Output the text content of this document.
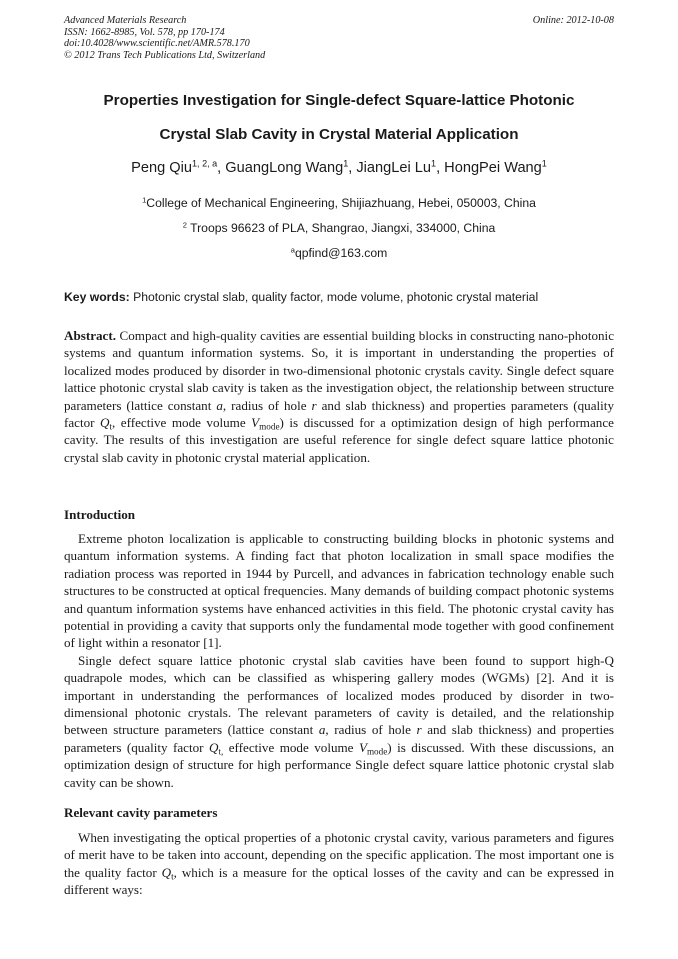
Advanced Materials Research
ISSN: 1662-8985, Vol. 578, pp 170-174
doi:10.4028/www.scientific.net/AMR.578.170
© 2012 Trans Tech Publications Ltd, Switzerland
Online: 2012-10-08
Properties Investigation for Single-defect Square-lattice Photonic
Crystal Slab Cavity in Crystal Material Application
Peng Qiu$^{1, 2, a}$, GuangLong Wang$^1$, JiangLei Lu$^1$, HongPei Wang$^1$
$^1$College of Mechanical Engineering, Shijiazhuang, Hebei, 050003, China
$^2$ Troops 96623 of PLA, Shangrao, Jiangxi, 334000, China
$^a$qpfind@163.com
Key words: Photonic crystal slab, quality factor, mode volume, photonic crystal material

Abstract. Compact and high-quality cavities are essential building blocks in constructing nano-photonic systems and quantum information systems. So, it is important in understanding the properties of localized modes produced by disorder in two-dimensional photonic crystals cavity. Single defect square lattice photonic crystal slab cavity is taken as the investigation object, the relationship between structure parameters (lattice constant a, radius of hole r and slab thickness) and properties parameters (quality factor $Q_t$, effective mode volume $V_{mode}$) is discussed for a optimization design of high performance cavity. The results of this investigation are useful reference for single defect square lattice photonic crystal slab cavity in photonic crystal material application.

Introduction

Extreme photon localization is applicable to constructing building blocks in photonic systems and quantum information systems. A finding fact that photon localization in small space modifies the radiation process was reported in 1944 by Purcell, and advances in fabrication technology enable such structures to be constructed at optical frequencies. Many demands of building compact photonic systems and quantum information systems have enhanced activities in this field. The photonic crystal cavity has potential in providing a cavity that supports only the fundamental mode together with good confinement of light within a resonator [1].

Single defect square lattice photonic crystal slab cavities have been found to support high-Q quadrapole modes, which can be classified as whispering gallery modes (WGMs) [2]. And it is important in understanding the performances of localized modes produced by disorder in two-dimensional photonic crystals. The relevant parameters of cavity is detailed, and the relationship between structure parameters (lattice constant a, radius of hole r and slab thickness) and properties parameters (quality factor $Q_{t,}$ effective mode volume $V_{mode}$) is discussed. With these discussions, an optimization design of structure for high performance Single defect square lattice photonic crystal slab cavity can be shown.

Relevant cavity parameters

When investigating the optical properties of a photonic crystal cavity, various parameters and figures of merit have to be taken into account, depending on the specific application. The most important one is the quality factor $Q_t$, which is a measure for the optical losses of the cavity and can be expressed in different ways:
